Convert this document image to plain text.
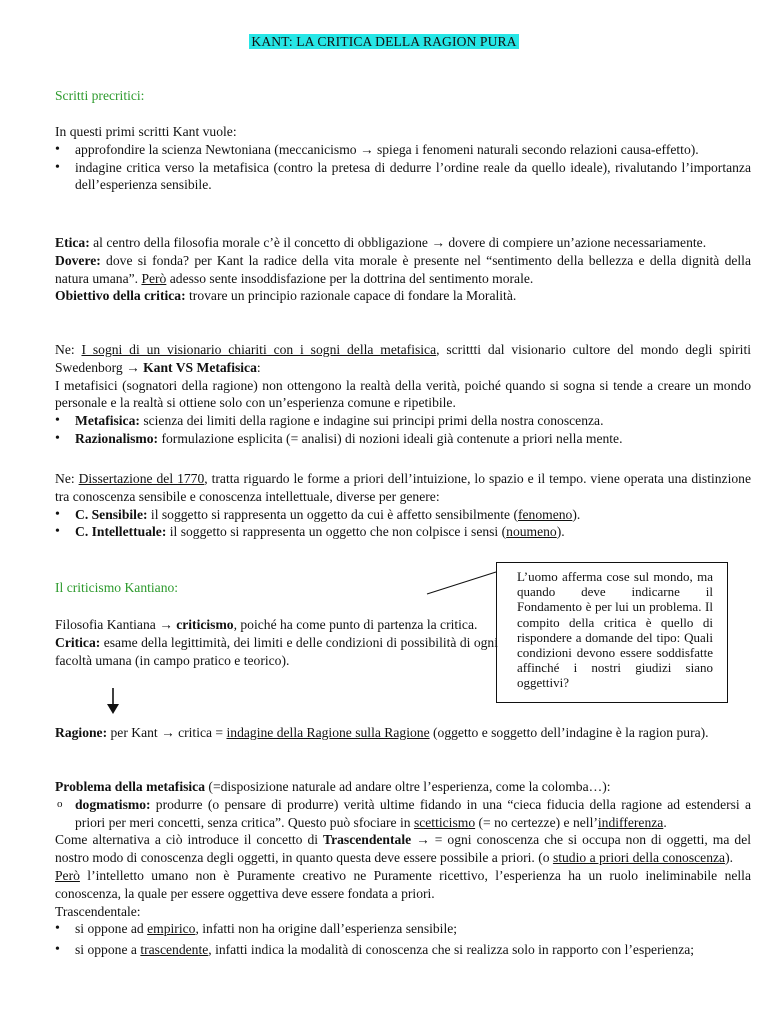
KANT: LA CRITICA DELLA RAGION PURA
Scritti precritici:

In questi primi scritti Kant vuole:

• approfondire la scienza Newtoniana (meccanicismo → spiega i fenomeni naturali secondo relazioni causa-effetto).
• indagine critica verso la metafisica (contro la pretesa di dedurre l’ordine reale da quello ideale), rivalutando l’importanza dell’esperienza sensibile.

Etica: al centro della filosofia morale c’è il concetto di obbligazione → dovere di compiere un’azione necessariamente.

Dovere: dove si fonda? per Kant la radice della vita morale è presente nel “sentimento della bellezza e della dignità della natura umana”. Però adesso sente insoddisfazione per la dottrina del sentimento morale.

Obiettivo della critica: trovare un principio razionale capace di fondare la Moralità.

Ne: I sogni di un visionario chiariti con i sogni della metafisica, scrittti dal visionario cultore del mondo degli spiriti Swedenborg → Kant VS Metafisica:

I metafisici (sognatori della ragione) non ottengono la realtà della verità, poiché quando si sogna si tende a creare un mondo personale e la realtà si ottiene solo con un’esperienza comune e ripetibile.

• Metafisica: scienza dei limiti della ragione e indagine sui principi primi della nostra conoscenza.
• Razionalismo: formulazione esplicita (= analisi) di nozioni ideali già contenute a priori nella mente.

Ne: Dissertazione del 1770, tratta riguardo le forme a priori dell’intuizione, lo spazio e il tempo. viene operata una distinzione tra conoscenza sensibile e conoscenza intellettuale, diverse per genere:

• C. Sensibile: il soggetto si rappresenta un oggetto da cui è affetto sensibilmente (fenomeno).
• C. Intellettuale: il soggetto si rappresenta un oggetto che non colpisce i sensi (noumeno).
Il criticismo Kantiano:

Filosofia Kantiana → criticismo, poiché ha come punto di partenza la critica.

Critica: esame della legittimità, dei limiti e delle condizioni di possibilità di ogni facoltà umana (in campo pratico e teorico).

L’uomo afferma cose sul mondo, ma quando deve indicarne il Fondamento è per lui un problema. Il compito della critica è quello di rispondere a domande del tipo: Quali condizioni devono essere soddisfatte affinché i nostri giudizi siano oggettivi?

Ragione: per Kant → critica = indagine della Ragione sulla Ragione (oggetto e soggetto dell’indagine è la ragion pura).

Problema della metafisica (=disposizione naturale ad andare oltre l’esperienza, come la colomba…):

o dogmatismo: produrre (o pensare di produrre) verità ultime fidando in una “cieca fiducia della ragione ad estendersi a priori per meri concetti, senza critica”. Questo può sfociare in scetticismo (= no certezze) e nell’indifferenza.

Come alternativa a ciò introduce il concetto di Trascendentale → = ogni conoscenza che si occupa non di oggetti, ma del nostro modo di conoscenza degli oggetti, in quanto questa deve essere possibile a priori. (o studio a priori della conoscenza).

Però l’intelletto umano non è Puramente creativo ne Puramente ricettivo, l’esperienza ha un ruolo ineliminabile nella conoscenza, la quale per essere oggettiva deve essere fondata a priori.

Trascendentale:

• si oppone ad empirico, infatti non ha origine dall’esperienza sensibile;
• si oppone a trascendente, infatti indica la modalità di conoscenza che si realizza solo in rapporto con l’esperienza;
